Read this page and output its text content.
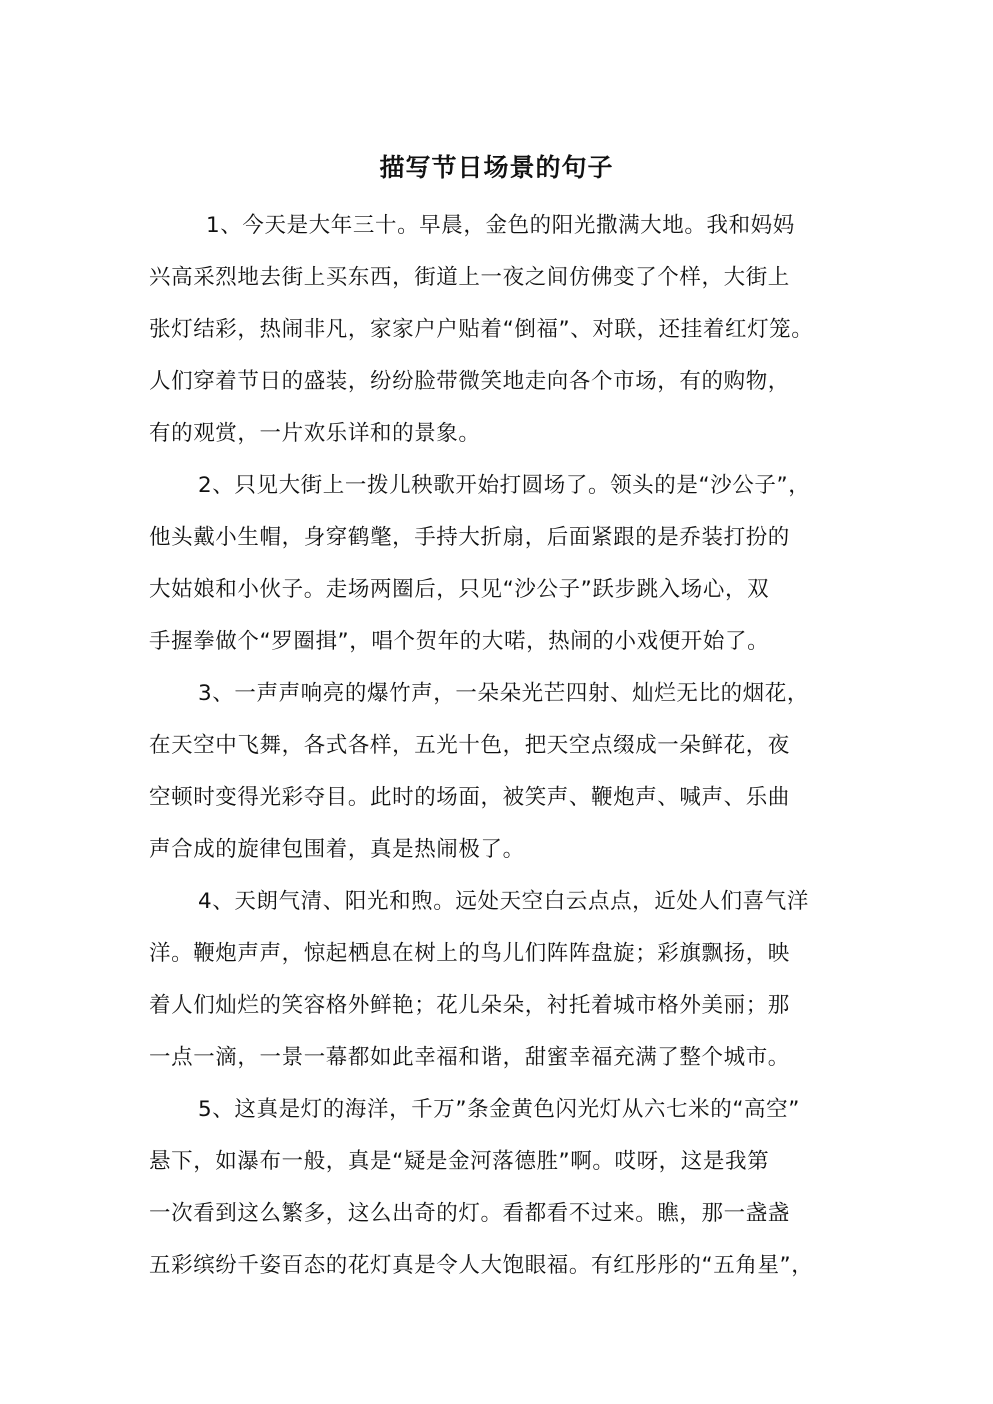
描写节日场景的句子
1、今天是大年三十。早晨，金色的阳光撒满大地。我和妈妈
兴高采烈地去街上买东西，街道上一夜之间仿佛变了个样，大街上
张灯结彩，热闹非凡，家家户户贴着“倒福”、对联，还挂着红灯笼。
人们穿着节日的盛装，纷纷脸带微笑地走向各个市场，有的购物，
有的观赏，一片欢乐详和的景象。
2、只见大街上一拨儿秧歌开始打圆场了。领头的是“沙公子”，
他头戴小生帽，身穿鹤氅，手持大折扇，后面紧跟的是乔装打扮的
大姑娘和小伙子。走场两圈后，只见“沙公子”跃步跳入场心，双
手握拳做个“罗圈揖”，唱个贺年的大喏，热闹的小戏便开始了。
3、一声声响亮的爆竹声，一朵朵光芒四射、灿烂无比的烟花，
在天空中飞舞，各式各样，五光十色，把天空点缀成一朵鲜花，夜
空顿时变得光彩夺目。此时的场面，被笑声、鞭炮声、喊声、乐曲
声合成的旋律包围着，真是热闹极了。
4、天朗气清、阳光和煦。远处天空白云点点，近处人们喜气洋
洋。鞭炮声声，惊起栖息在树上的鸟儿们阵阵盘旋；彩旗飘扬，映
着人们灿烂的笑容格外鲜艳；花儿朵朵，衬托着城市格外美丽；那
一点一滴，一景一幕都如此幸福和谐，甜蜜幸福充满了整个城市。
5、这真是灯的海洋，千万”条金黄色闪光灯从六七米的“高空”
悬下，如瀑布一般，真是“疑是金河落德胜”啊。哎呀，这是我第
一次看到这么繁多，这么出奇的灯。看都看不过来。瞧，那一盏盏
五彩缤纷千姿百态的花灯真是令人大饱眼福。有红彤彤的“五角星”，
